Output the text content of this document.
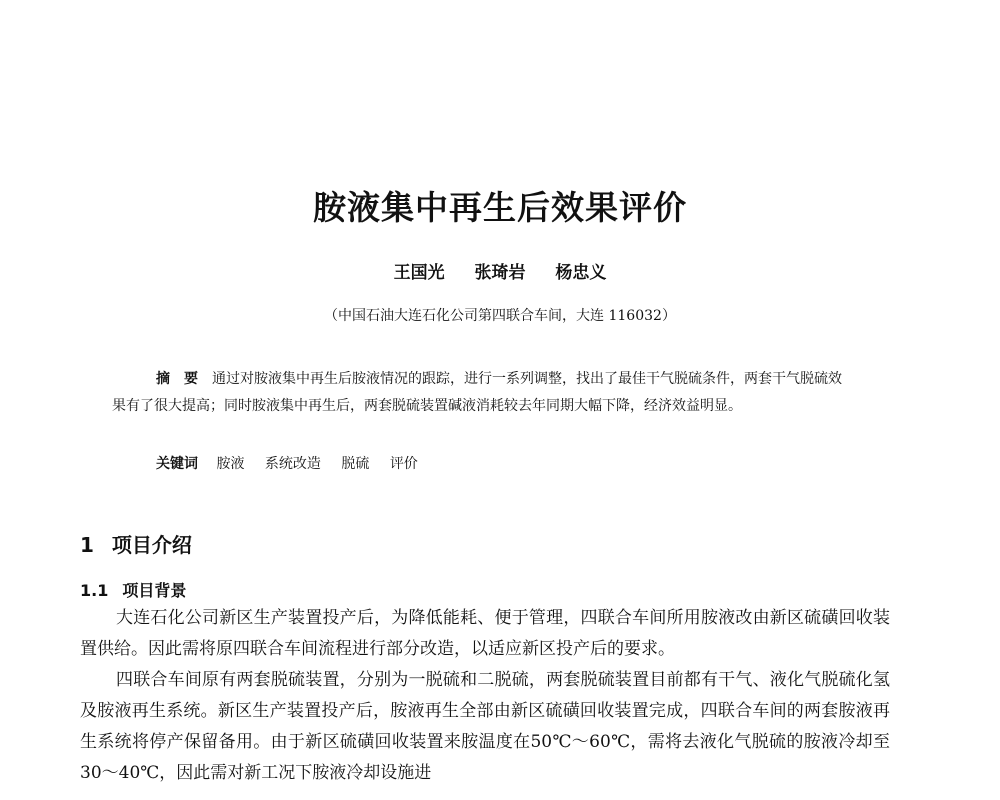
胺液集中再生后效果评价
王国光 张琦岩 杨忠义
（中国石油大连石化公司第四联合车间，大连 116032）
摘　要 通过对胺液集中再生后胺液情况的跟踪，进行一系列调整，找出了最佳干气脱硫条件，两套干气脱硫效果有了很大提高；同时胺液集中再生后，两套脱硫装置碱液消耗较去年同期大幅下降，经济效益明显。
关键词 胺液 系统改造 脱硫 评价
1 项目介绍
1.1 项目背景
大连石化公司新区生产装置投产后，为降低能耗、便于管理，四联合车间所用胺液改由新区硫磺回收装置供给。因此需将原四联合车间流程进行部分改造，以适应新区投产后的要求。
四联合车间原有两套脱硫装置，分别为一脱硫和二脱硫，两套脱硫装置目前都有干气、液化气脱硫化氢及胺液再生系统。新区生产装置投产后，胺液再生全部由新区硫磺回收装置完成，四联合车间的两套胺液再生系统将停产保留备用。由于新区硫磺回收装置来胺温度在50℃～60℃，需将去液化气脱硫的胺液冷却至30～40℃，因此需对新工况下胺液冷却设施进
